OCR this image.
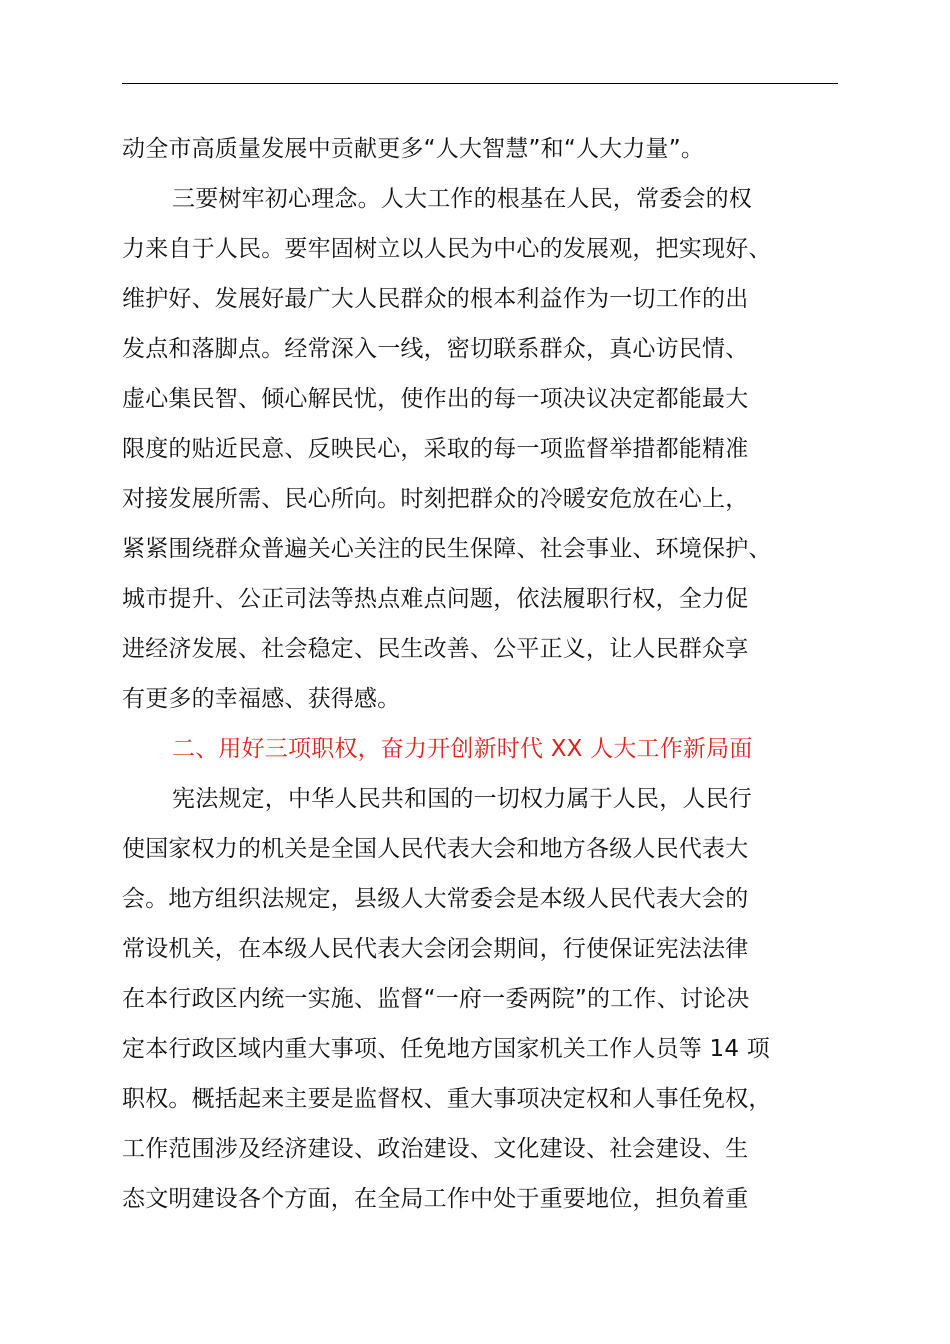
动全市高质量发展中贡献更多“人大智慧”和“人大力量”。
三要树牢初心理念。人大工作的根基在人民，常委会的权
力来自于人民。要牢固树立以人民为中心的发展观，把实现好、
维护好、发展好最广大人民群众的根本利益作为一切工作的出
发点和落脚点。经常深入一线，密切联系群众，真心访民情、
虚心集民智、倾心解民忧，使作出的每一项决议决定都能最大
限度的贴近民意、反映民心，采取的每一项监督举措都能精准
对接发展所需、民心所向。时刻把群众的冷暖安危放在心上，
紧紧围绕群众普遍关心关注的民生保障、社会事业、环境保护、
城市提升、公正司法等热点难点问题，依法履职行权，全力促
进经济发展、社会稳定、民生改善、公平正义，让人民群众享
有更多的幸福感、获得感。
二、用好三项职权，奋力开创新时代 XX 人大工作新局面
宪法规定，中华人民共和国的一切权力属于人民，人民行
使国家权力的机关是全国人民代表大会和地方各级人民代表大
会。地方组织法规定，县级人大常委会是本级人民代表大会的
常设机关，在本级人民代表大会闭会期间，行使保证宪法法律
在本行政区内统一实施、监督“一府一委两院”的工作、讨论决
定本行政区域内重大事项、任免地方国家机关工作人员等 14 项
职权。概括起来主要是监督权、重大事项决定权和人事任免权，
工作范围涉及经济建设、政治建设、文化建设、社会建设、生
态文明建设各个方面，在全局工作中处于重要地位，担负着重
